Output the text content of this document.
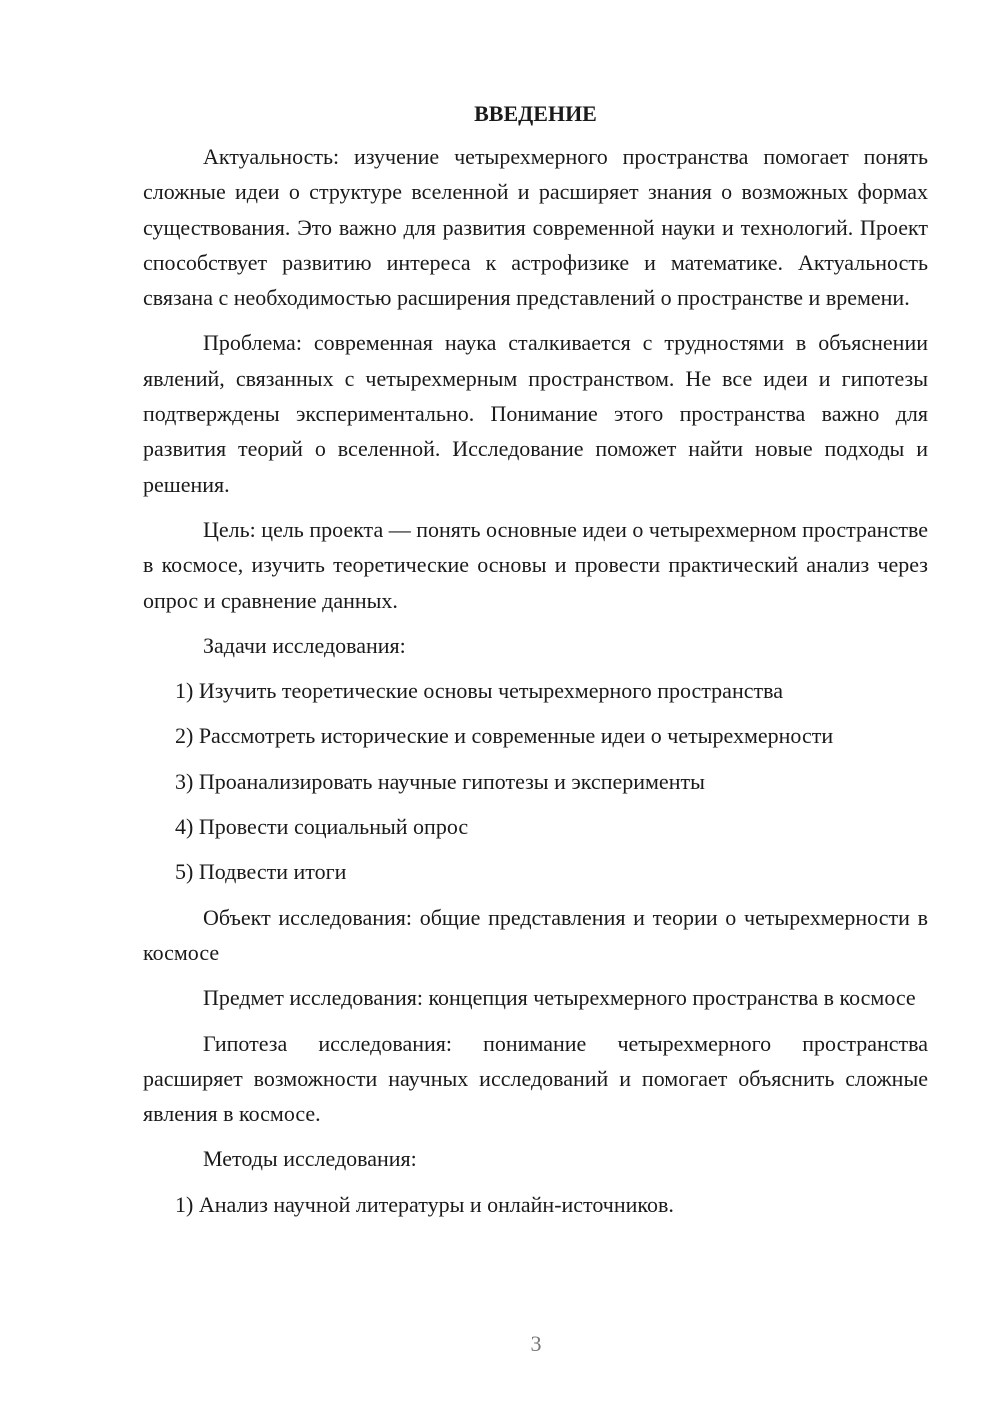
ВВЕДЕНИЕ
Актуальность: изучение четырехмерного пространства помогает понять сложные идеи о структуре вселенной и расширяет знания о возможных формах существования. Это важно для развития современной науки и технологий. Проект способствует развитию интереса к астрофизике и математике. Актуальность связана с необходимостью расширения представлений о пространстве и времени.
Проблема: современная наука сталкивается с трудностями в объяснении явлений, связанных с четырехмерным пространством. Не все идеи и гипотезы подтверждены экспериментально. Понимание этого пространства важно для развития теорий о вселенной. Исследование поможет найти новые подходы и решения.
Цель: цель проекта — понять основные идеи о четырехмерном пространстве в космосе, изучить теоретические основы и провести практический анализ через опрос и сравнение данных.
Задачи исследования:
1) Изучить теоретические основы четырехмерного пространства
2) Рассмотреть исторические и современные идеи о четырехмерности
3) Проанализировать научные гипотезы и эксперименты
4) Провести социальный опрос
5) Подвести итоги
Объект исследования: общие представления и теории о четырехмерности в космосе
Предмет исследования: концепция четырехмерного пространства в космосе
Гипотеза исследования: понимание четырехмерного пространства расширяет возможности научных исследований и помогает объяснить сложные явления в космосе.
Методы исследования:
1) Анализ научной литературы и онлайн-источников.
3
